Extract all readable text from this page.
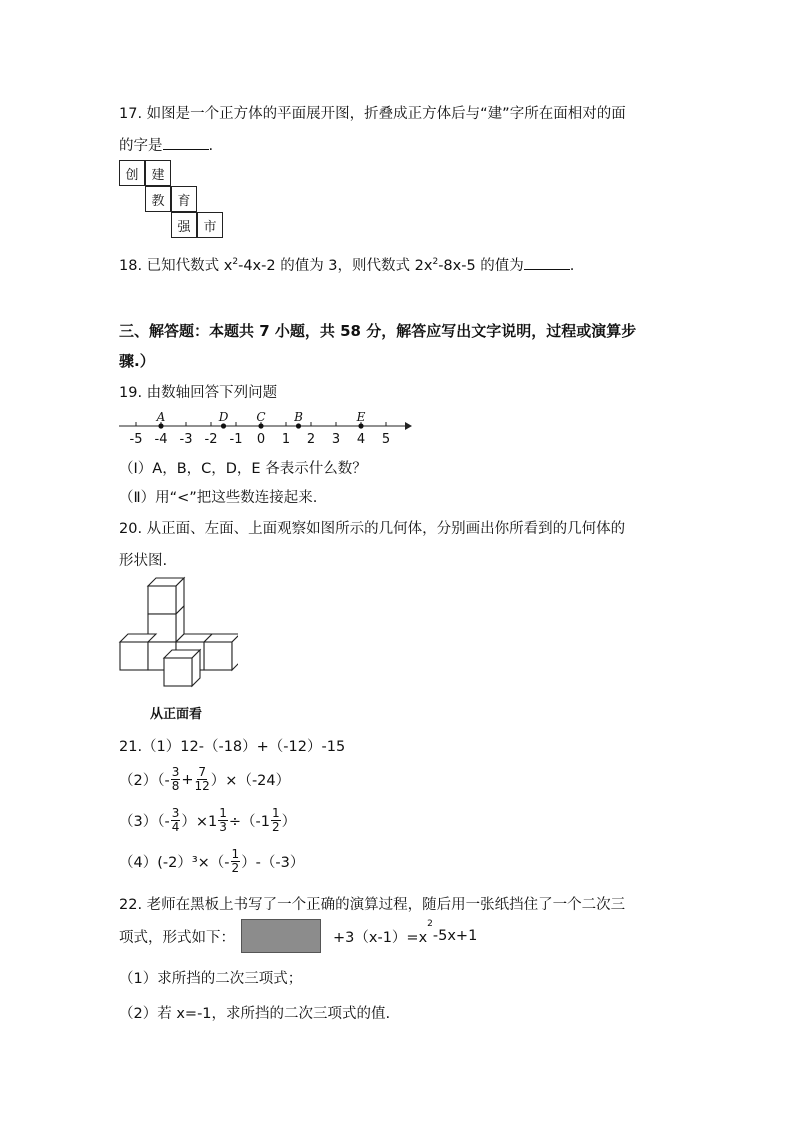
17. 如图是一个正方体的平面展开图，折叠成正方体后与“建”字所在面相对的面
的字是	.
创 建
教 育
强 市
18. 已知代数式 $x^2-4x-2$ 的值为 3，则代数式 $2x^2-8x-5$ 的值为	.
三、解答题：本题共 7 小题，共 58 分，解答应写出文字说明，过程或演算步
骤.）
19. 由数轴回答下列问题
-5 -4 -3 -2 -1 0 1 2 3 4 5
A	D C B	E
（Ⅰ）A，B，C，D，E 各表示什么数？
（Ⅱ）用“<”把这些数连接起来.
20. 从正面、左面、上面观察如图所示的几何体，分别画出你所看到的几何体的
形状图.
从正面看
21.（1）12-（-18）+（-12）-15
$(2)(- \frac{3}{8} + \frac{7}{12} )\times(-24)$
$(3)(- \frac{3}{4} )\times 1 \frac{1}{3} \div(-1 \frac{1}{2}$ ）
$(4)(-2)^3\times(- \frac{1}{2} )-(-3)$
22. 老师在黑板上书写了一个正确的演算过程，随后用一张纸挡住了一个二次三
项式，形式如下：	+3（x-1）=x
$^2$
-5x+1
（1）求所挡的二次三项式；
（2）若 x=-1，求所挡的二次三项式的值.
